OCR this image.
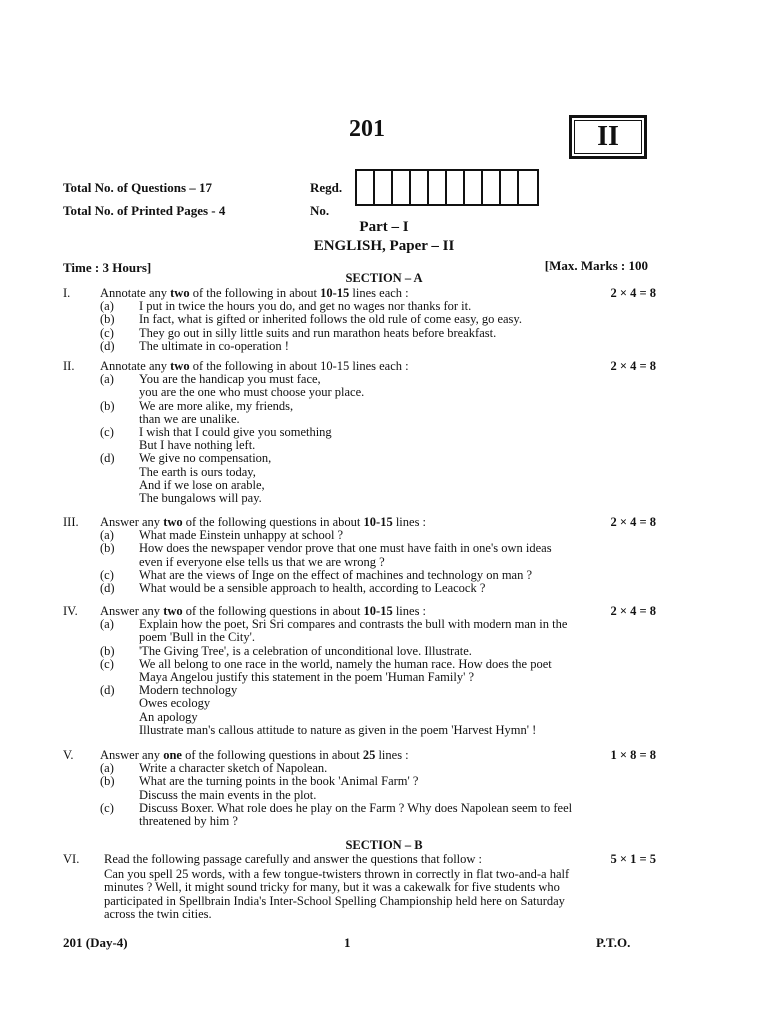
201	II
Total No. of Questions – 17
Total No. of Printed Pages - 4
Regd.
No.
Part – I
ENGLISH, Paper – II
Time : 3 Hours]	[Max. Marks : 100
SECTION – A
I. Annotate any two of the following in about 10-15 lines each :	2 × 4 = 8
(a) I put in twice the hours you do, and get no wages nor thanks for it.
(b) In fact, what is gifted or inherited follows the old rule of come easy, go easy.
(c) They go out in silly little suits and run marathon heats before breakfast.
(d) The ultimate in co-operation !
II. Annotate any two of the following in about 10-15 lines each :	2 × 4 = 8
(a) You are the handicap you must face,
you are the one who must choose your place.
(b) We are more alike, my friends,
than we are unalike.
(c) I wish that I could give you something
But I have nothing left.
(d) We give no compensation,
The earth is ours today,
And if we lose on arable,
The bungalows will pay.
III. Answer any two of the following questions in about 10-15 lines :	2 × 4 = 8
(a) What made Einstein unhappy at school ?
(b) How does the newspaper vendor prove that one must have faith in one's own ideas
even if everyone else tells us that we are wrong ?
(c) What are the views of Inge on the effect of machines and technology on man ?
(d) What would be a sensible approach to health, according to Leacock ?
IV. Answer any two of the following questions in about 10-15 lines :	2 × 4 = 8
(a) Explain how the poet, Sri Sri compares and contrasts the bull with modern man in the
poem 'Bull in the City'.
(b) 'The Giving Tree', is a celebration of unconditional love. Illustrate.
(c) We all belong to one race in the world, namely the human race. How does the poet
Maya Angelou justify this statement in the poem 'Human Family' ?
(d) Modern technology
Owes ecology
An apology
Illustrate man's callous attitude to nature as given in the poem 'Harvest Hymn' !
V. Answer any one of the following questions in about 25 lines :	1 × 8 = 8
(a) Write a character sketch of Napolean.
(b) What are the turning points in the book 'Animal Farm' ?
Discuss the main events in the plot.
(c) Discuss Boxer. What role does he play on the Farm ? Why does Napolean seem to feel
threatened by him ?
SECTION – B
VI. Read the following passage carefully and answer the questions that follow :	5 × 1 = 5
Can you spell 25 words, with a few tongue-twisters thrown in correctly in flat two-and-a half
minutes ? Well, it might sound tricky for many, but it was a cakewalk for five students who
participated in Spellbrain India's Inter-School Spelling Championship held here on Saturday
across the twin cities.
201 (Day-4)	1	P.T.O.
